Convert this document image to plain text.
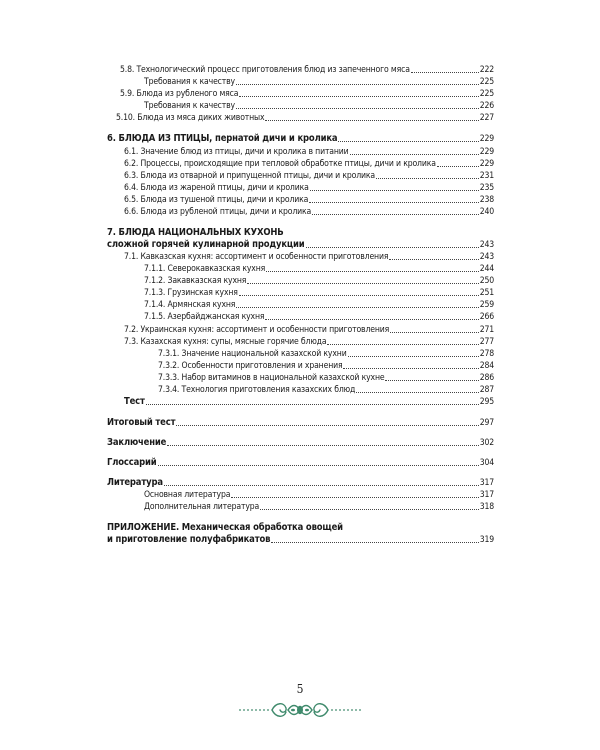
5.8. Технологический процесс приготовления блюд из запеченного мяса	222
Требования к качеству	225
5.9. Блюда из рубленого мяса	225
Требования к качеству	226
5.10. Блюда из мяса диких животных	227
6. БЛЮДА ИЗ ПТИЦЫ, пернатой дичи и кролика	229
6.1. Значение блюд из птицы, дичи и кролика в питании	229
6.2. Процессы, происходящие при тепловой обработке птицы, дичи и кролика	229
6.3. Блюда из отварной и припущенной птицы, дичи и кролика	231
6.4. Блюда из жареной птицы, дичи и кролика	235
6.5. Блюда из тушеной птицы, дичи и кролика	238
6.6. Блюда из рубленой птицы, дичи и кролика	240
7. БЛЮДА НАЦИОНАЛЬНЫХ КУХОНЬ
сложной горячей кулинарной продукции	243
7.1. Кавказская кухня: ассортимент и особенности приготовления	243
7.1.1. Северокавказская кухня	244
7.1.2. Закавказская кухня	250
7.1.3. Грузинская кухня	251
7.1.4. Армянская кухня	259
7.1.5. Азербайджанская кухня	266
7.2. Украинская кухня: ассортимент и особенности приготовления	271
7.3. Казахская кухня: супы, мясные горячие блюда	277
7.3.1. Значение национальной казахской кухни	278
7.3.2. Особенности приготовления и хранения	284
7.3.3. Набор витаминов в национальной казахской кухне	286
7.3.4. Технология приготовления казахских блюд	287
Тест	295
Итоговый тест	297
Заключение	302
Глоссарий	304
Литература	317
Основная литература	317
Дополнительная литература	318
ПРИЛОЖЕНИЕ. Механическая обработка овощей
и приготовление полуфабрикатов	319
5
